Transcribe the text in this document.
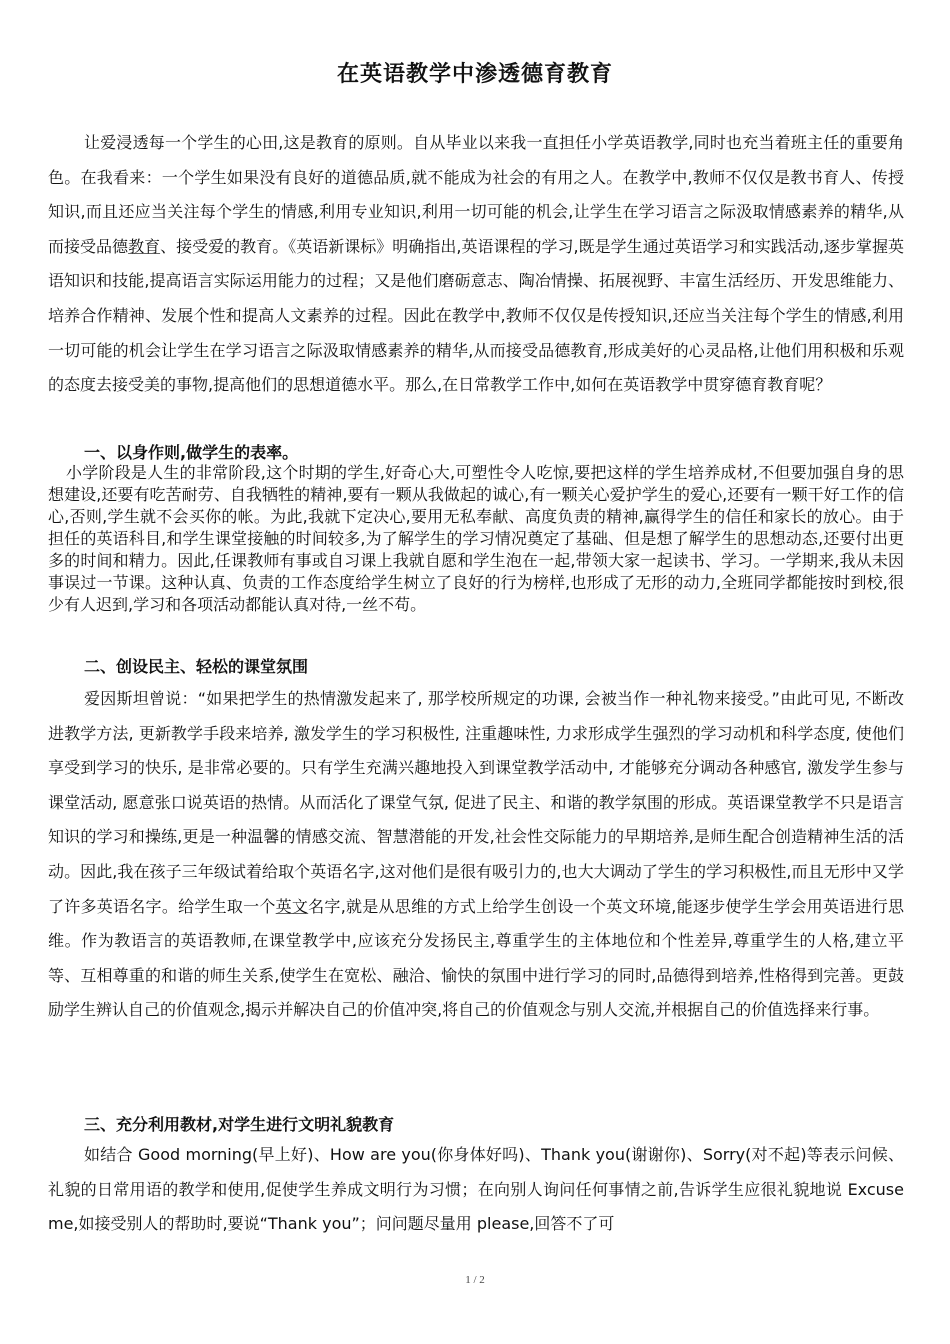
在英语教学中渗透德育教育

让爱浸透每一个学生的心田,这是教育的原则。自从毕业以来我一直担任小学英语教学,同时也充当着班主任的重要角色。在我看来：一个学生如果没有良好的道德品质,就不能成为社会的有用之人。在教学中,教师不仅仅是教书育人、传授知识,而且还应当关注每个学生的情感,利用专业知识,利用一切可能的机会,让学生在学习语言之际汲取情感素养的精华,从而接受品德教育、接受爱的教育。《英语新课标》明确指出,英语课程的学习,既是学生通过英语学习和实践活动,逐步掌握英语知识和技能,提高语言实际运用能力的过程；又是他们磨砺意志、陶冶情操、拓展视野、丰富生活经历、开发思维能力、培养合作精神、发展个性和提高人文素养的过程。因此在教学中,教师不仅仅是传授知识,还应当关注每个学生的情感,利用一切可能的机会让学生在学习语言之际汲取情感素养的精华,从而接受品德教育,形成美好的心灵品格,让他们用积极和乐观的态度去接受美的事物,提高他们的思想道德水平。那么,在日常教学工作中,如何在英语教学中贯穿德育教育呢？

一、以身作则,做学生的表率。

小学阶段是人生的非常阶段,这个时期的学生,好奇心大,可塑性令人吃惊,要把这样的学生培养成材,不但要加强自身的思想建设,还要有吃苦耐劳、自我牺牲的精神,要有一颗从我做起的诚心,有一颗关心爱护学生的爱心,还要有一颗干好工作的信心,否则,学生就不会买你的帐。为此,我就下定决心,要用无私奉献、高度负责的精神,赢得学生的信任和家长的放心。由于担任的英语科目,和学生课堂接触的时间较多,为了解学生的学习情况奠定了基础、但是想了解学生的思想动态,还要付出更多的时间和精力。因此,任课教师有事或自习课上我就自愿和学生泡在一起,带领大家一起读书、学习。一学期来,我从未因事误过一节课。这种认真、负责的工作态度给学生树立了良好的行为榜样,也形成了无形的动力,全班同学都能按时到校,很少有人迟到,学习和各项活动都能认真对待,一丝不苟。

二、创设民主、轻松的课堂氛围

爱因斯坦曾说：“如果把学生的热情激发起来了, 那学校所规定的功课, 会被当作一种礼物来接受。”由此可见, 不断改进教学方法, 更新教学手段来培养, 激发学生的学习积极性, 注重趣味性, 力求形成学生强烈的学习动机和科学态度, 使他们享受到学习的快乐, 是非常必要的。只有学生充满兴趣地投入到课堂教学活动中, 才能够充分调动各种感官, 激发学生参与课堂活动, 愿意张口说英语的热情。从而活化了课堂气氛, 促进了民主、和谐的教学氛围的形成。英语课堂教学不只是语言知识的学习和操练,更是一种温馨的情感交流、智慧潜能的开发,社会性交际能力的早期培养,是师生配合创造精神生活的活动。因此,我在孩子三年级试着给取个英语名字,这对他们是很有吸引力的,也大大调动了学生的学习积极性,而且无形中又学了许多英语名字。给学生取一个英文名字,就是从思维的方式上给学生创设一个英文环境,能逐步使学生学会用英语进行思维。作为教语言的英语教师,在课堂教学中,应该充分发扬民主,尊重学生的主体地位和个性差异,尊重学生的人格,建立平等、互相尊重的和谐的师生关系,使学生在宽松、融洽、愉快的氛围中进行学习的同时,品德得到培养,性格得到完善。更鼓励学生辨认自己的价值观念,揭示并解决自己的价值冲突,将自己的价值观念与别人交流,并根据自己的价值选择来行事。

三、充分利用教材,对学生进行文明礼貌教育

如结合 Good morning(早上好)、How are you(你身体好吗)、Thank you(谢谢你)、Sorry(对不起)等表示问候、礼貌的日常用语的教学和使用,促使学生养成文明行为习惯；在向别人询问任何事情之前,告诉学生应很礼貌地说 Excuse me,如接受别人的帮助时,要说“Thank you”；问问题尽量用 please,回答不了可

1 / 2
